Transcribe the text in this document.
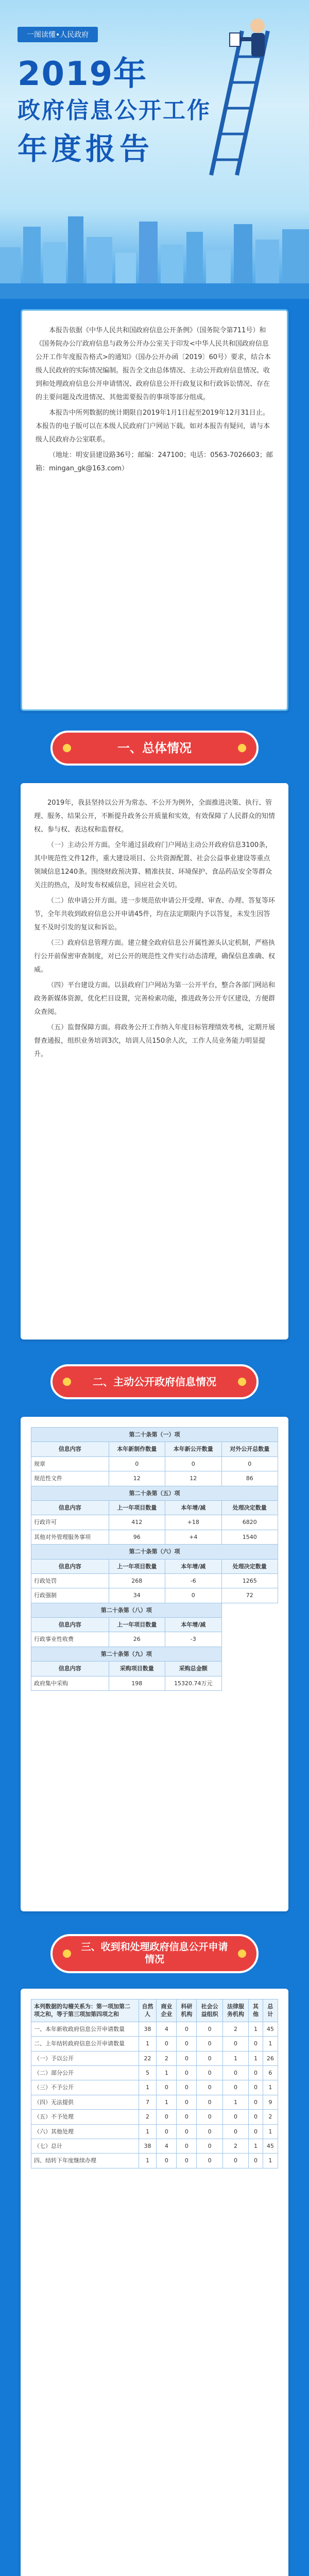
一图读懂•人民政府
2019年
政府信息公开工作
年度报告

本报告依据《中华人民共和国政府信息公开条例》（国务院令第711号）和《国务院办公厅政府信息与政务公开办公室关于印发<中华人民共和国政府信息公开工作年度报告格式>的通知》（国办公开办函〔2019〕60号）要求，结合本级人民政府的实际情况编制。报告全文由总体情况、主动公开政府信息情况、收到和处理政府信息公开申请情况、政府信息公开行政复议和行政诉讼情况、存在的主要问题及改进情况、其他需要报告的事项等部分组成。

本报告中所列数据的统计期限自2019年1月1日起至2019年12月31日止。本报告的电子版可以在本级人民政府门户网站下载。如对本报告有疑问，请与本级人民政府办公室联系。

（地址：明安县建设路36号；邮编：247100；电话：0563-7026603；邮箱：mingan_gk@163.com）

一、总体情况

2019年，我县坚持以公开为常态、不公开为例外，全面推进决策、执行、管理、服务、结果公开，不断提升政务公开质量和实效，有效保障了人民群众的知情权、参与权、表达权和监督权。

（一）主动公开方面。全年通过县政府门户网站主动公开政府信息3100条，其中规范性文件12件，重大建设项目、公共资源配置、社会公益事业建设等重点领域信息1240条。围绕财政预决算、精准扶贫、环境保护、食品药品安全等群众关注的热点，及时发布权威信息，回应社会关切。

（二）依申请公开方面。进一步规范依申请公开受理、审查、办理、答复等环节，全年共收到政府信息公开申请45件，均在法定期限内予以答复，未发生因答复不及时引发的复议和诉讼。

（三）政府信息管理方面。建立健全政府信息公开属性源头认定机制，严格执行公开前保密审查制度，对已公开的规范性文件实行动态清理，确保信息准确、权威。

（四）平台建设方面。以县政府门户网站为第一公开平台，整合各部门网站和政务新媒体资源，优化栏目设置，完善检索功能，推进政务公开专区建设，方便群众查阅。

（五）监督保障方面。将政务公开工作纳入年度目标管理绩效考核，定期开展督查通报，组织业务培训3次，培训人员150余人次，工作人员业务能力明显提升。

二、主动公开政府信息情况
第二十条第（一）项			
信息内容	本年新制作数量	本年新公开数量	对外公开总数量
规章	0	0	0
规范性文件	12	12	86
第二十条第（五）项			
信息内容	上一年项目数量	本年增/减	处理决定数量
行政许可	412	+18	6820
其他对外管理服务事项	96	+4	1540
第二十条第（六）项			
信息内容	上一年项目数量	本年增/减	处理决定数量
行政处罚	268	-6	1265
行政强制	34	0	72
第二十条第（八）项			
信息内容	上一年项目数量	本年增/减	
行政事业性收费	26	-3	
第二十条第（九）项			
信息内容	采购项目数量	采购总金额	
政府集中采购	198	15320.74万元	
三、收到和处理政府信息公开申请情况
本列数据的勾稽关系为：第一项加第二项之和，等于第三项加第四项之和	自然人	商业企业	科研机构	社会公益组织	法律服务机构	其他	总计
一、本年新收政府信息公开申请数量	38	4	0	0	2	1	45
二、上年结转政府信息公开申请数量	1	0	0	0	0	0	1
（一）予以公开	22	2	0	0	1	1	26
（二）部分公开	5	1	0	0	0	0	6
（三）不予公开	1	0	0	0	0	0	1
（四）无法提供	7	1	0	0	1	0	9
（五）不予处理	2	0	0	0	0	0	2
（六）其他处理	1	0	0	0	0	0	1
（七）总计	38	4	0	0	2	1	45
四、结转下年度继续办理	1	0	0	0	0	0	1
